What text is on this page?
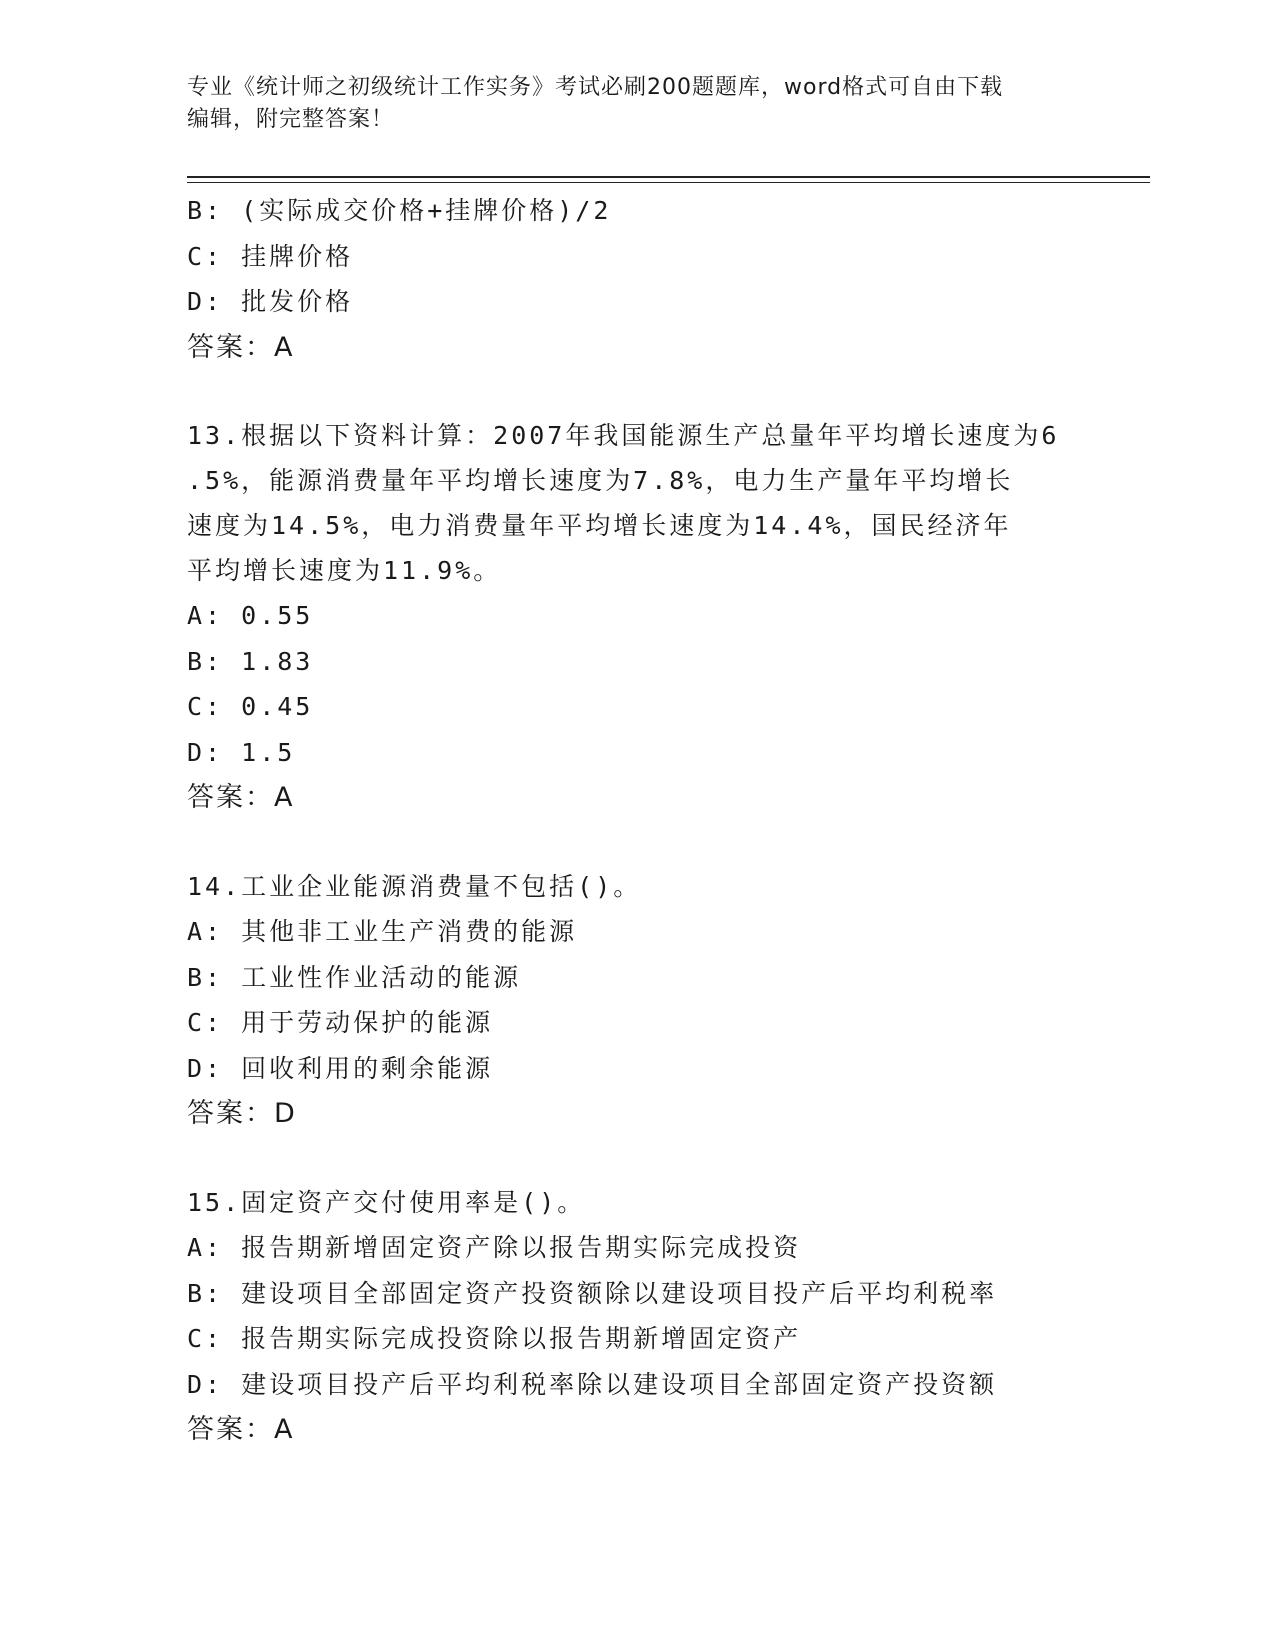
专业《统计师之初级统计工作实务》考试必刷200题题库，word格式可自由下载
编辑，附完整答案！
B: (实际成交价格+挂牌价格)/2
C: 挂牌价格
D: 批发价格
答案：A
13.根据以下资料计算：2007年我国能源生产总量年平均增长速度为6
.5%，能源消费量年平均增长速度为7.8%，电力生产量年平均增长
速度为14.5%，电力消费量年平均增长速度为14.4%，国民经济年
平均增长速度为11.9%。
A: 0.55
B: 1.83
C: 0.45
D: 1.5
答案：A
14.工业企业能源消费量不包括()。
A: 其他非工业生产消费的能源
B: 工业性作业活动的能源
C: 用于劳动保护的能源
D: 回收利用的剩余能源
答案：D
15.固定资产交付使用率是()。
A: 报告期新增固定资产除以报告期实际完成投资
B: 建设项目全部固定资产投资额除以建设项目投产后平均利税率
C: 报告期实际完成投资除以报告期新增固定资产
D: 建设项目投产后平均利税率除以建设项目全部固定资产投资额
答案：A
